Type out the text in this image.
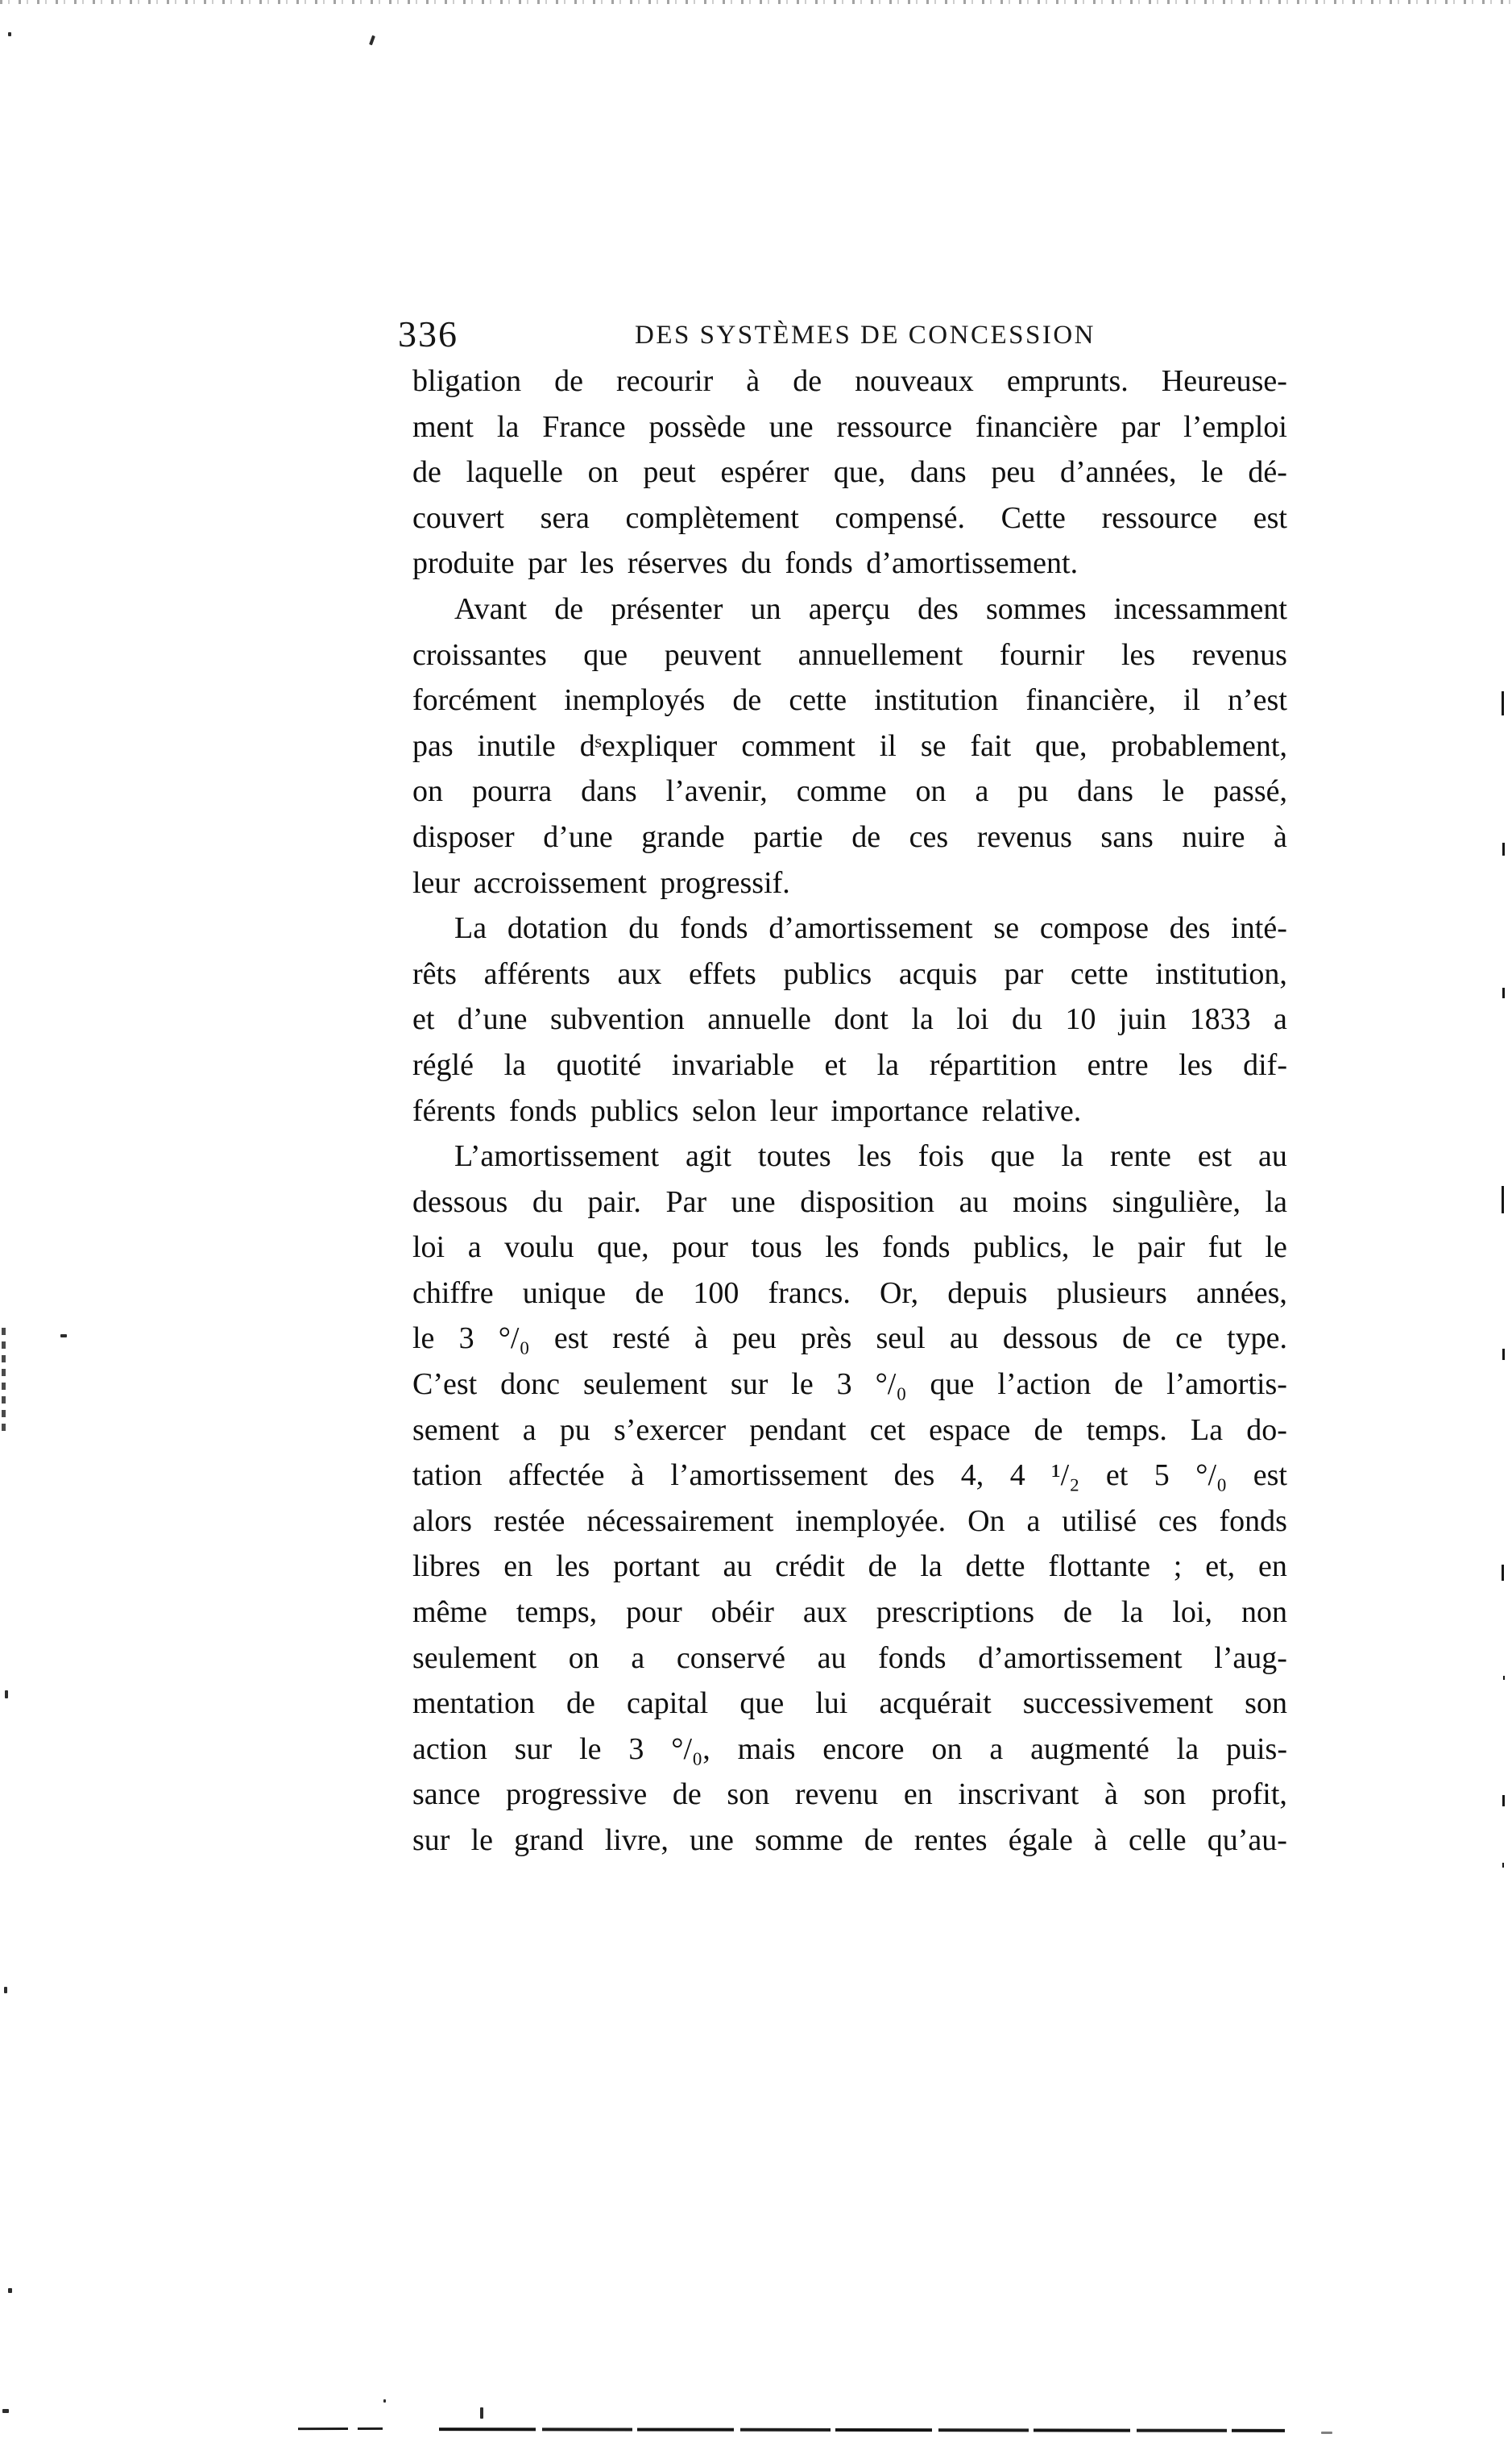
336	DES SYSTÈMES DE CONCESSION
bligation de recourir à de nouveaux emprunts. Heureuse-
ment la France possède une ressource financière par l’emploi
de laquelle on peut espérer que, dans peu d’années, le dé-
couvert sera complètement compensé. Cette ressource est
produite par les réserves du fonds d’amortissement.
Avant de présenter un aperçu des sommes incessamment
croissantes que peuvent annuellement fournir les revenus
forcément inemployés de cette institution financière, il n’est
pas inutile dˢexpliquer comment il se fait que, probablement,
on pourra dans l’avenir, comme on a pu dans le passé,
disposer d’une grande partie de ces revenus sans nuire à
leur accroissement progressif.
La dotation du fonds d’amortissement se compose des inté-
rêts afférents aux effets publics acquis par cette institution,
et d’une subvention annuelle dont la loi du 10 juin 1833 a
réglé la quotité invariable et la répartition entre les dif-
férents fonds publics selon leur importance relative.
L’amortissement agit toutes les fois que la rente est au
dessous du pair. Par une disposition au moins singulière, la
loi a voulu que, pour tous les fonds publics, le pair fut le
chiffre unique de 100 francs. Or, depuis plusieurs années,
le 3 °/₀ est resté à peu près seul au dessous de ce type.
C’est donc seulement sur le 3 °/₀ que l’action de l’amortis-
sement a pu s’exercer pendant cet espace de temps. La do-
tation affectée à l’amortissement des 4, 4 ¹/₂ et 5 °/₀ est
alors restée nécessairement inemployée. On a utilisé ces fonds
libres en les portant au crédit de la dette flottante ; et, en
même temps, pour obéir aux prescriptions de la loi, non
seulement on a conservé au fonds d’amortissement l’aug-
mentation de capital que lui acquérait successivement son
action sur le 3 °/₀, mais encore on a augmenté la puis-
sance progressive de son revenu en inscrivant à son profit,
sur le grand livre, une somme de rentes égale à celle qu’au-
